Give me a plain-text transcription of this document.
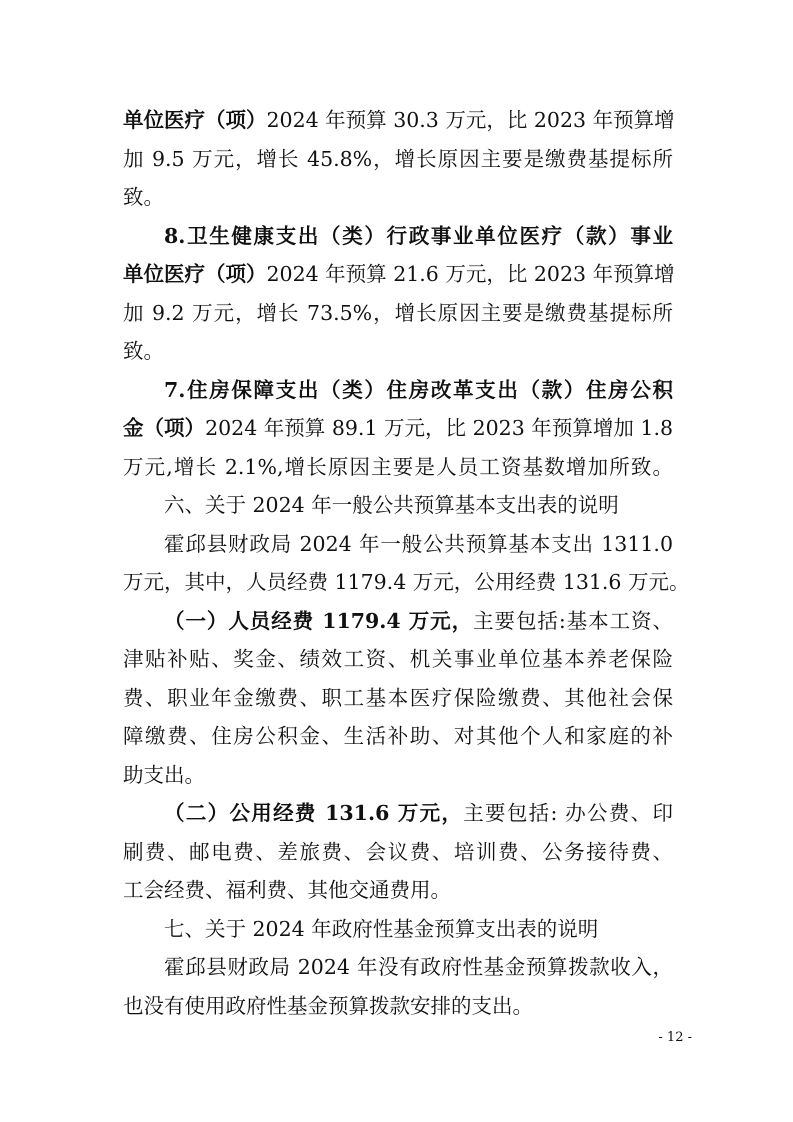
单位医疗（项）2024 年预算 30.3 万元，比 2023 年预算增
加 9.5 万元，增长 45.8%，增长原因主要是缴费基提标所
致。
8.卫生健康支出（类）行政事业单位医疗（款）事业
单位医疗（项）2024 年预算 21.6 万元，比 2023 年预算增
加 9.2 万元，增长 73.5%，增长原因主要是缴费基提标所
致。
7.住房保障支出（类）住房改革支出（款）住房公积
金（项）2024 年预算 89.1 万元，比 2023 年预算增加 1.8
万元,增长 2.1%,增长原因主要是人员工资基数增加所致。
六、关于 2024 年一般公共预算基本支出表的说明
霍邱县财政局 2024 年一般公共预算基本支出 1311.0
万元，其中，人员经费 1179.4 万元，公用经费 131.6 万元。
（一）人员经费 1179.4 万元，主要包括:基本工资、
津贴补贴、奖金、绩效工资、机关事业单位基本养老保险
费、职业年金缴费、职工基本医疗保险缴费、其他社会保
障缴费、住房公积金、生活补助、对其他个人和家庭的补
助支出。
（二）公用经费 131.6 万元，主要包括: 办公费、印
刷费、邮电费、差旅费、会议费、培训费、公务接待费、
工会经费、福利费、其他交通费用。
七、关于 2024 年政府性基金预算支出表的说明
霍邱县财政局 2024 年没有政府性基金预算拨款收入，
也没有使用政府性基金预算拨款安排的支出。
- 12 -
